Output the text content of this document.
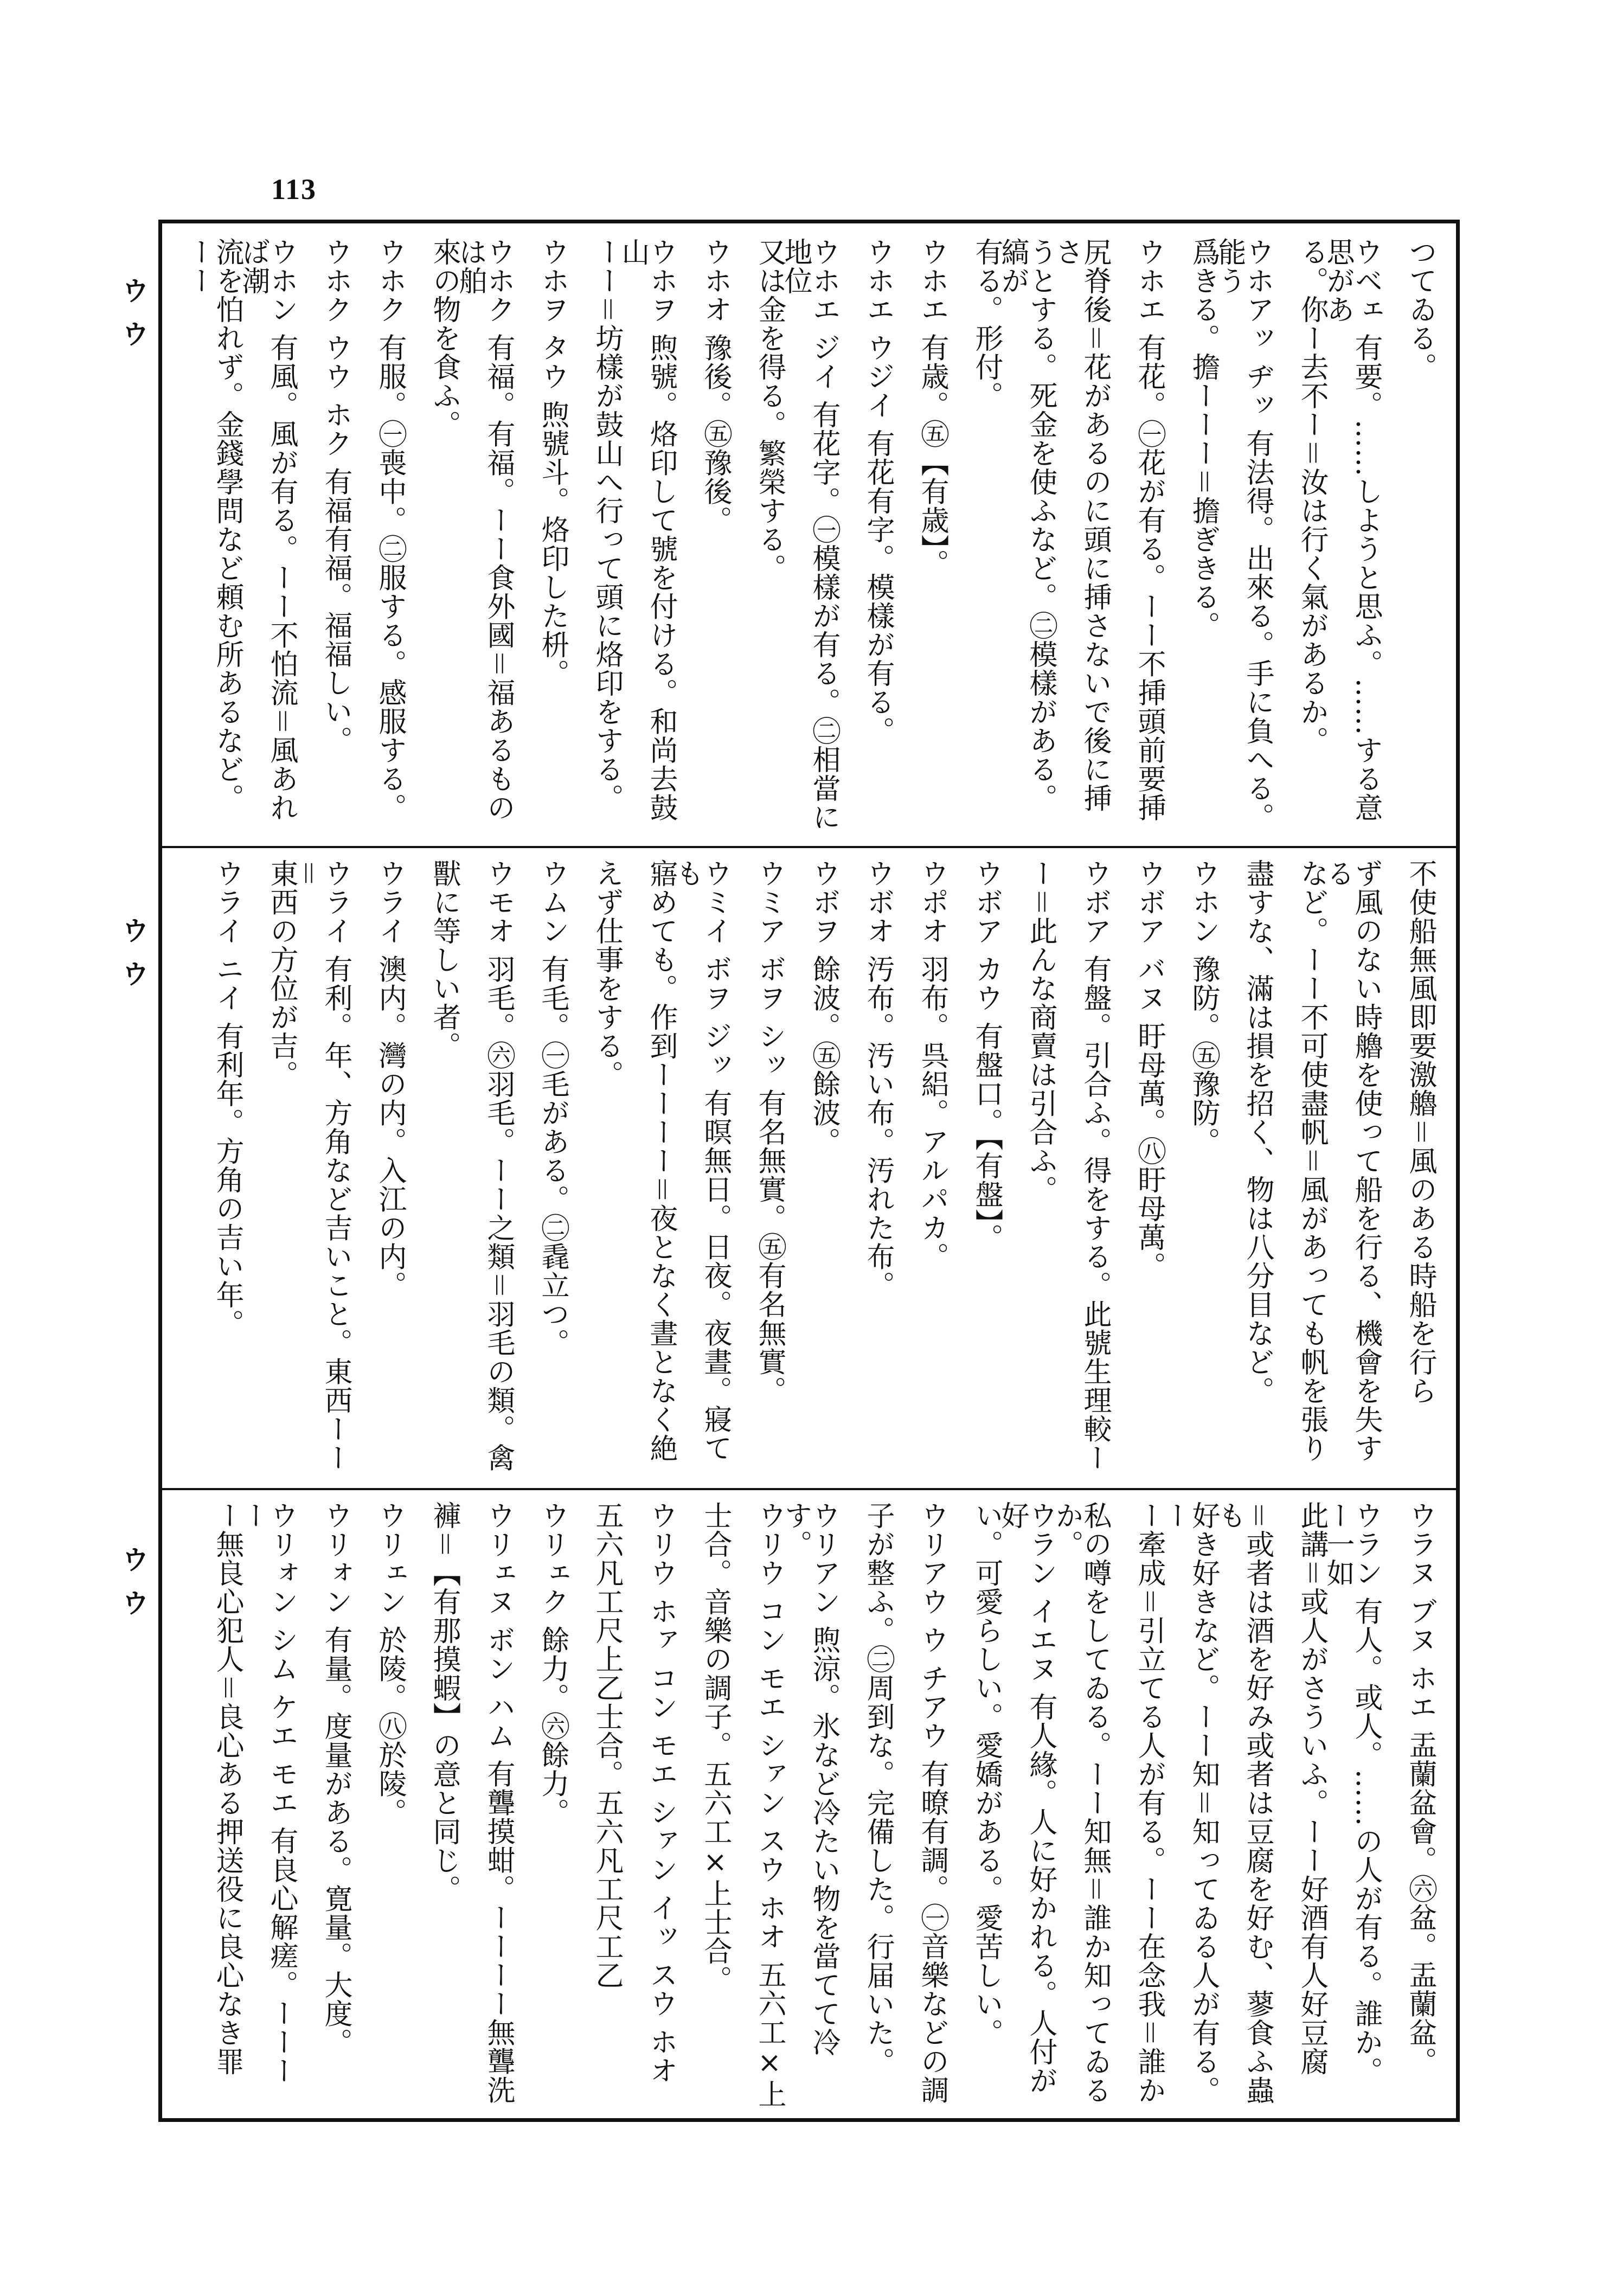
113
ウウ
ウウ
ウウ
つてゐる。
ウベェ 有要。……しようと思ふ。……する意思があ
る。你ー去不ー＝汝は行く氣があるか。
ウホアッ ヂッ 有法得。出來る。手に負へる。能う
爲きる。擔ーーー＝擔ぎきる。
ウホエ 有花。㊀花が有る。ーー不挿頭前要挿
尻脊後＝花があるのに頭に挿さないで後に挿さ
うとする。死金を使ふなど。㊁模樣がある。縞が
有る。形付。
ウホエ 有歳。㊄【有歳】。
ウホエ ウジイ 有花有字。模樣が有る。
ウホエ ジイ 有花字。㊀模樣が有る。㊁相當に地位
又は金を得る。繁榮する。
ウホオ 豫後。㊄豫後。
ウホヲ 煦號。烙印して號を付ける。和尚去鼓山
ーー＝坊樣が鼓山へ行って頭に烙印をする。
ウホヲ タウ 煦號斗。烙印した枡。
ウホク 有福。有福。ーー食外國＝福あるものは舶
來の物を食ふ。
ウホク 有服。㊀喪中。㊁服する。感服する。
ウホク ウウ ホク 有福有福。福福しい。
ウホン 有風。風が有る。ーー不怕流＝風あれば潮
流を怕れず。金錢學問など頼む所あるなど。ーー
不使船無風即要激艪＝風のある時船を行ら
ず風のない時艪を使って船を行る、機會を失する
など。ーー不可使盡帆＝風があっても帆を張り
盡すな、滿は損を招く、物は八分目など。
ウホン 豫防。㊄豫防。
ウボア バヌ 盱母萬。㊇盱母萬。
ウボア 有盤。引合ふ。得をする。此號生理較ー
ー＝此んな商賣は引合ふ。
ウボア カウ 有盤口。【有盤】。
ウポオ 羽布。呉絽。アルパカ。
ウボオ 汚布。汚い布。汚れた布。
ウボヲ 餘波。㊄餘波。
ウミア ボヲ シッ 有名無實。㊄有名無實。
ウミイ ボヲ ジッ 有暝無日。日夜。夜晝。寢ても
寤めても。作到ーーーー＝夜となく晝となく絶
えず仕事をする。
ウムン 有毛。㊀毛がある。㊁毳立つ。
ウモオ 羽毛。㊅羽毛。ーー之類＝羽毛の類。禽
獸に等しい者。
ウライ 澳内。灣の内。入江の内。
ウライ 有利。年、方角など吉いこと。東西ーー＝
東西の方位が吉。
ウライ ニイ 有利年。方角の吉い年。
ウラヌ ブヌ ホエ 盂蘭盆會。㊅盆。盂蘭盆。
ウラン 有人。或人。……の人が有る。誰か。ー一如
此講＝或人がさういふ。ーー好酒有人好豆腐
＝或者は酒を好み或者は豆腐を好む、蓼食ふ蟲も
好き好きなど。ーー知＝知ってゐる人が有る。ー
ー牽成＝引立てる人が有る。ーー在念我＝誰か
私の噂をしてゐる。ーー知無＝誰か知ってゐるか。
ウラン イエヌ 有人緣。人に好かれる。人付が好
い。可愛らしい。愛嬌がある。愛苦しい。
ウリアウ ウ チアウ 有暸有調。㊀音樂などの調
子が整ふ。㊁周到な。完備した。行届いた。
ウリアン 煦涼。氷など冷たい物を當てて冷す。
ウリウ コン モエ シァン スウ ホオ 五六工×上
士合。音樂の調子。五六工×上士合。
ウリウ ホァ コン モエ シァン イッ スウ ホオ
五六凡工尺上乙士合。五六凡工尺工乙
ウリェク 餘力。㊅餘力。
ウリェヌ ボン ハム 有聾摸蚶。ーーーー無聾洗
褲＝【有那摸蝦】の意と同じ。
ウリェン 於陵。㊇於陵。
ウリォン 有量。度量がある。寛量。大度。
ウリォン シム ケエ モエ 有良心解瘥。ーーーー
ー無良心犯人＝良心ある押送役に良心なき罪
